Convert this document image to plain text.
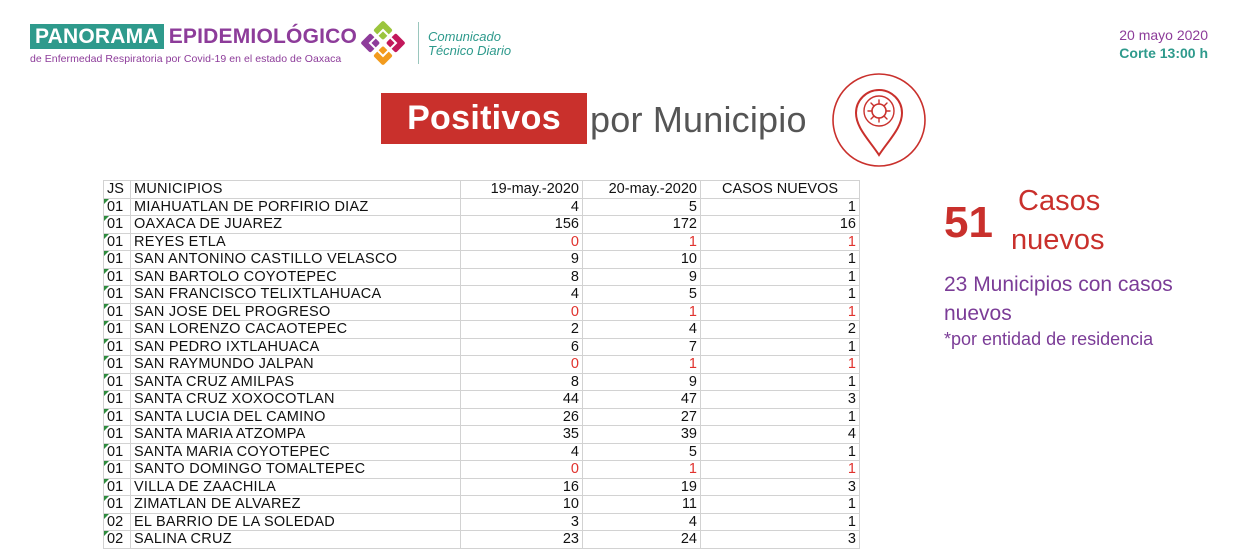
PANORAMA EPIDEMIOLÓGICO
de Enfermedad Respiratoria por Covid-19 en el estado de Oaxaca
Comunicado
Técnico Diario
20 mayo 2020
Corte 13:00 h
Positivos por Municipio
JS	MUNICIPIOS	19-may.-2020	20-may.-2020	CASOS NUEVOS
01	MIAHUATLAN DE PORFIRIO DIAZ	4	5	1
01	OAXACA DE JUAREZ	156	172	16
01	REYES ETLA	0	1	1
01	SAN ANTONINO CASTILLO VELASCO	9	10	1
01	SAN BARTOLO COYOTEPEC	8	9	1
01	SAN FRANCISCO TELIXTLAHUACA	4	5	1
01	SAN JOSE DEL PROGRESO	0	1	1
01	SAN LORENZO CACAOTEPEC	2	4	2
01	SAN PEDRO IXTLAHUACA	6	7	1
01	SAN RAYMUNDO JALPAN	0	1	1
01	SANTA CRUZ AMILPAS	8	9	1
01	SANTA CRUZ XOXOCOTLAN	44	47	3
01	SANTA LUCIA DEL CAMINO	26	27	1
01	SANTA MARIA ATZOMPA	35	39	4
01	SANTA MARIA COYOTEPEC	4	5	1
01	SANTO DOMINGO TOMALTEPEC	0	1	1
01	VILLA DE ZAACHILA	16	19	3
01	ZIMATLAN DE ALVAREZ	10	11	1
02	EL BARRIO DE LA SOLEDAD	3	4	1
02	SALINA CRUZ	23	24	3
51 Casos
nuevos
23 Municipios con casos nuevos
*por entidad de residencia
